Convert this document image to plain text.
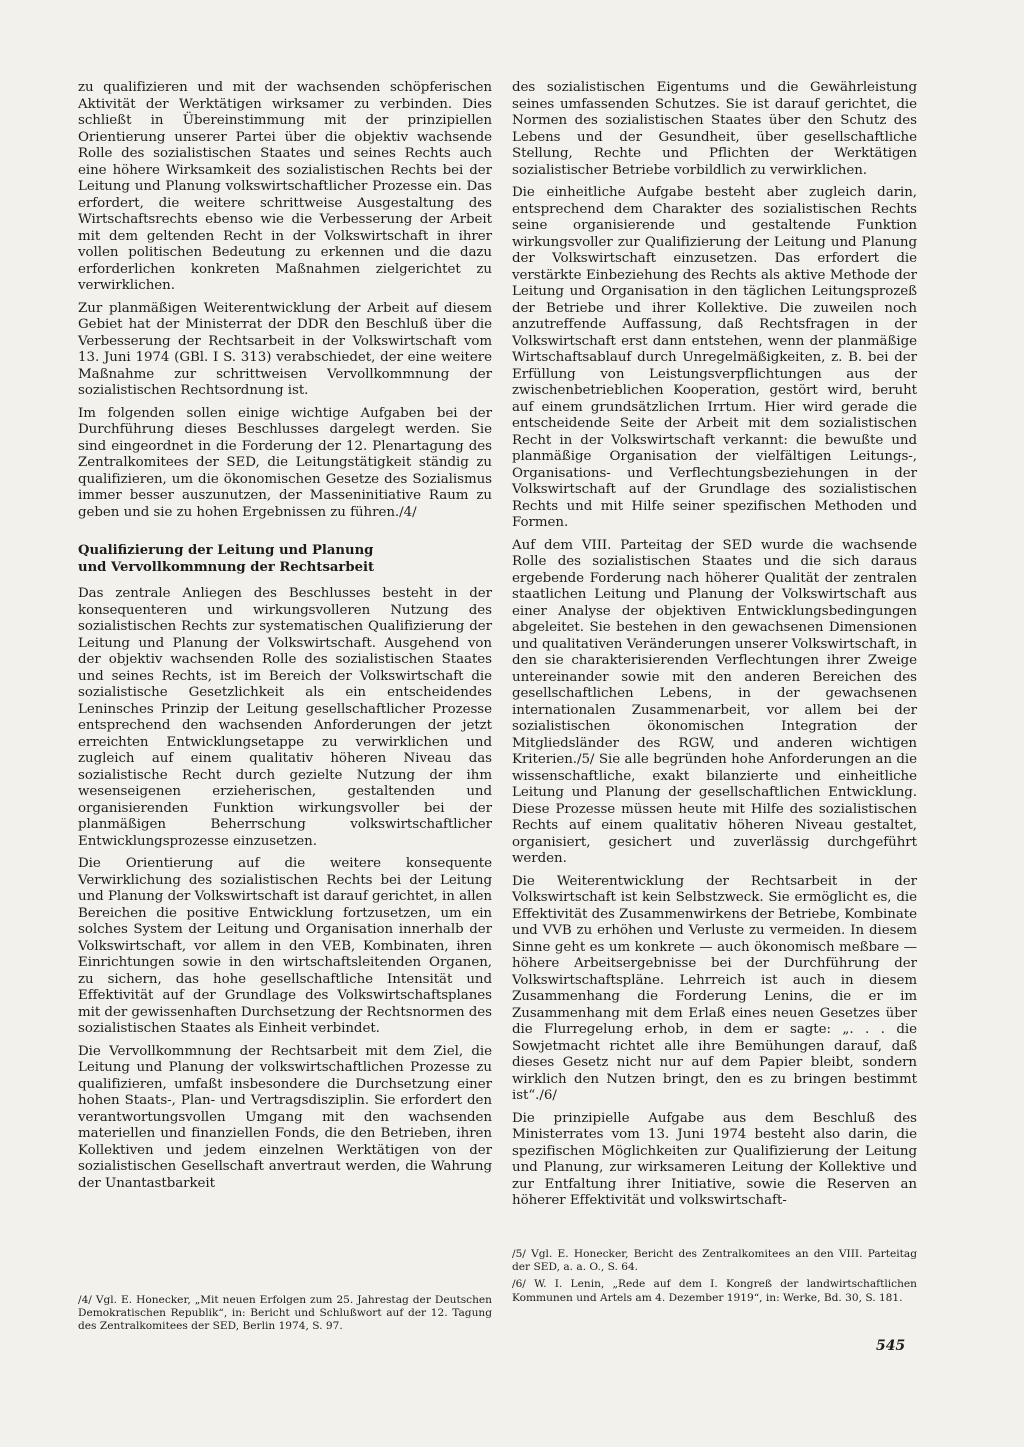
zu qualifizieren und mit der wachsenden schöpferischen Aktivität der Werktätigen wirksamer zu verbinden. Dies schließt in Übereinstimmung mit der prinzipiellen Orientierung unserer Partei über die objektiv wachsende Rolle des sozialistischen Staates und seines Rechts auch eine höhere Wirksamkeit des sozialistischen Rechts bei der Leitung und Planung volkswirtschaftlicher Prozesse ein. Das erfordert, die weitere schrittweise Ausgestaltung des Wirtschaftsrechts ebenso wie die Verbesserung der Arbeit mit dem geltenden Recht in der Volkswirtschaft in ihrer vollen politischen Bedeutung zu erkennen und die dazu erforderlichen konkreten Maßnahmen zielgerichtet zu verwirklichen.

Zur planmäßigen Weiterentwicklung der Arbeit auf diesem Gebiet hat der Ministerrat der DDR den Beschluß über die Verbesserung der Rechtsarbeit in der Volkswirtschaft vom 13. Juni 1974 (GBl. I S. 313) verabschiedet, der eine weitere Maßnahme zur schrittweisen Vervollkommnung der sozialistischen Rechtsordnung ist.

Im folgenden sollen einige wichtige Aufgaben bei der Durchführung dieses Beschlusses dargelegt werden. Sie sind eingeordnet in die Forderung der 12. Plenartagung des Zentralkomitees der SED, die Leitungstätigkeit ständig zu qualifizieren, um die ökonomischen Gesetze des Sozialismus immer besser auszunutzen, der Masseninitiative Raum zu geben und sie zu hohen Ergebnissen zu führen./4/

Qualifizierung der Leitung und Planung
und Vervollkommnung der Rechtsarbeit

Das zentrale Anliegen des Beschlusses besteht in der konsequenteren und wirkungsvolleren Nutzung des sozialistischen Rechts zur systematischen Qualifizierung der Leitung und Planung der Volkswirtschaft. Ausgehend von der objektiv wachsenden Rolle des sozialistischen Staates und seines Rechts, ist im Bereich der Volkswirtschaft die sozialistische Gesetzlichkeit als ein entscheidendes Leninsches Prinzip der Leitung gesellschaftlicher Prozesse entsprechend den wachsenden Anforderungen der jetzt erreichten Entwicklungsetappe zu verwirklichen und zugleich auf einem qualitativ höheren Niveau das sozialistische Recht durch gezielte Nutzung der ihm wesenseigenen erzieherischen, gestaltenden und organisierenden Funktion wirkungsvoller bei der planmäßigen Beherrschung volkswirtschaftlicher Entwicklungsprozesse einzusetzen.

Die Orientierung auf die weitere konsequente Verwirklichung des sozialistischen Rechts bei der Leitung und Planung der Volkswirtschaft ist darauf gerichtet, in allen Bereichen die positive Entwicklung fortzusetzen, um ein solches System der Leitung und Organisation innerhalb der Volkswirtschaft, vor allem in den VEB, Kombinaten, ihren Einrichtungen sowie in den wirtschaftsleitenden Organen, zu sichern, das hohe gesellschaftliche Intensität und Effektivität auf der Grundlage des Volkswirtschaftsplanes mit der gewissenhaften Durchsetzung der Rechtsnormen des sozialistischen Staates als Einheit verbindet.

Die Vervollkommnung der Rechtsarbeit mit dem Ziel, die Leitung und Planung der volkswirtschaftlichen Prozesse zu qualifizieren, umfaßt insbesondere die Durchsetzung einer hohen Staats-, Plan- und Vertragsdisziplin. Sie erfordert den verantwortungsvollen Umgang mit den wachsenden materiellen und finanziellen Fonds, die den Betrieben, ihren Kollektiven und jedem einzelnen Werktätigen von der sozialistischen Gesellschaft anvertraut werden, die Wahrung der Unantastbarkeit

des sozialistischen Eigentums und die Gewährleistung seines umfassenden Schutzes. Sie ist darauf gerichtet, die Normen des sozialistischen Staates über den Schutz des Lebens und der Gesundheit, über gesellschaftliche Stellung, Rechte und Pflichten der Werktätigen sozialistischer Betriebe vorbildlich zu verwirklichen.

Die einheitliche Aufgabe besteht aber zugleich darin, entsprechend dem Charakter des sozialistischen Rechts seine organisierende und gestaltende Funktion wirkungsvoller zur Qualifizierung der Leitung und Planung der Volkswirtschaft einzusetzen. Das erfordert die verstärkte Einbeziehung des Rechts als aktive Methode der Leitung und Organisation in den täglichen Leitungsprozeß der Betriebe und ihrer Kollektive. Die zuweilen noch anzutreffende Auffassung, daß Rechtsfragen in der Volkswirtschaft erst dann entstehen, wenn der planmäßige Wirtschaftsablauf durch Unregelmäßigkeiten, z. B. bei der Erfüllung von Leistungsverpflichtungen aus der zwischenbetrieblichen Kooperation, gestört wird, beruht auf einem grundsätzlichen Irrtum. Hier wird gerade die entscheidende Seite der Arbeit mit dem sozialistischen Recht in der Volkswirtschaft verkannt: die bewußte und planmäßige Organisation der vielfältigen Leitungs-, Organisations- und Verflechtungsbeziehungen in der Volkswirtschaft auf der Grundlage des sozialistischen Rechts und mit Hilfe seiner spezifischen Methoden und Formen.

Auf dem VIII. Parteitag der SED wurde die wachsende Rolle des sozialistischen Staates und die sich daraus ergebende Forderung nach höherer Qualität der zentralen staatlichen Leitung und Planung der Volkswirtschaft aus einer Analyse der objektiven Entwicklungsbedingungen abgeleitet. Sie bestehen in den gewachsenen Dimensionen und qualitativen Veränderungen unserer Volkswirtschaft, in den sie charakterisierenden Verflechtungen ihrer Zweige untereinander sowie mit den anderen Bereichen des gesellschaftlichen Lebens, in der gewachsenen internationalen Zusammenarbeit, vor allem bei der sozialistischen ökonomischen Integration der Mitgliedsländer des RGW, und anderen wichtigen Kriterien./5/ Sie alle begründen hohe Anforderungen an die wissenschaftliche, exakt bilanzierte und einheitliche Leitung und Planung der gesellschaftlichen Entwicklung. Diese Prozesse müssen heute mit Hilfe des sozialistischen Rechts auf einem qualitativ höheren Niveau gestaltet, organisiert, gesichert und zuverlässig durchgeführt werden.

Die Weiterentwicklung der Rechtsarbeit in der Volkswirtschaft ist kein Selbstzweck. Sie ermöglicht es, die Effektivität des Zusammenwirkens der Betriebe, Kombinate und VVB zu erhöhen und Verluste zu vermeiden. In diesem Sinne geht es um konkrete — auch ökonomisch meßbare — höhere Arbeitsergebnisse bei der Durchführung der Volkswirtschaftspläne. Lehrreich ist auch in diesem Zusammenhang die Forderung Lenins, die er im Zusammenhang mit dem Erlaß eines neuen Gesetzes über die Flurregelung erhob, in dem er sagte: „. . . die Sowjetmacht richtet alle ihre Bemühungen darauf, daß dieses Gesetz nicht nur auf dem Papier bleibt, sondern wirklich den Nutzen bringt, den es zu bringen bestimmt ist“./6/

Die prinzipielle Aufgabe aus dem Beschluß des Ministerrates vom 13. Juni 1974 besteht also darin, die spezifischen Möglichkeiten zur Qualifizierung der Leitung und Planung, zur wirksameren Leitung der Kollektive und zur Entfaltung ihrer Initiative, sowie die Reserven an höherer Effektivität und volkswirtschaft-

/4/ Vgl. E. Honecker, „Mit neuen Erfolgen zum 25. Jahrestag der Deutschen Demokratischen Republik“, in: Bericht und Schlußwort auf der 12. Tagung des Zentralkomitees der SED, Berlin 1974, S. 97.

/5/ Vgl. E. Honecker, Bericht des Zentralkomitees an den VIII. Parteitag der SED, a. a. O., S. 64.

/6/ W. I. Lenin, „Rede auf dem I. Kongreß der landwirtschaftlichen Kommunen und Artels am 4. Dezember 1919“, in: Werke, Bd. 30, S. 181.

545
